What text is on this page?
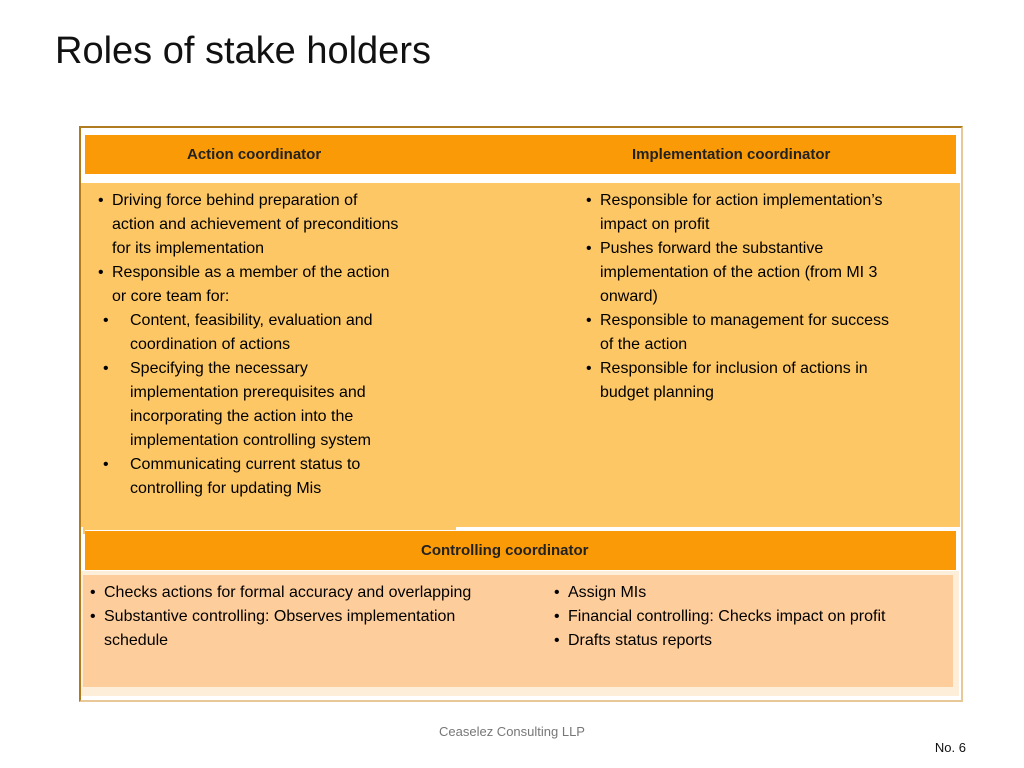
Roles of stake holders
Action coordinator	Implementation coordinator
• Driving force behind preparation of
action and achievement of preconditions
for its implementation
• Responsible as a member of the action
or core team for:
• Content, feasibility, evaluation and
coordination of actions
• Specifying the necessary
implementation prerequisites and
incorporating the action into the
implementation controlling system
• Communicating current status to
controlling for updating Mis
• Responsible for action implementation’s
impact on profit
• Pushes forward the substantive
implementation of the action (from MI 3
onward)
• Responsible to management for success
of the action
• Responsible for inclusion of actions in
budget planning
Controlling coordinator
• Checks actions for formal accuracy and overlapping
• Substantive controlling: Observes implementation
schedule
• Assign MIs
• Financial controlling: Checks impact on profit
• Drafts status reports
Ceaselez Consulting LLP
No. 6
